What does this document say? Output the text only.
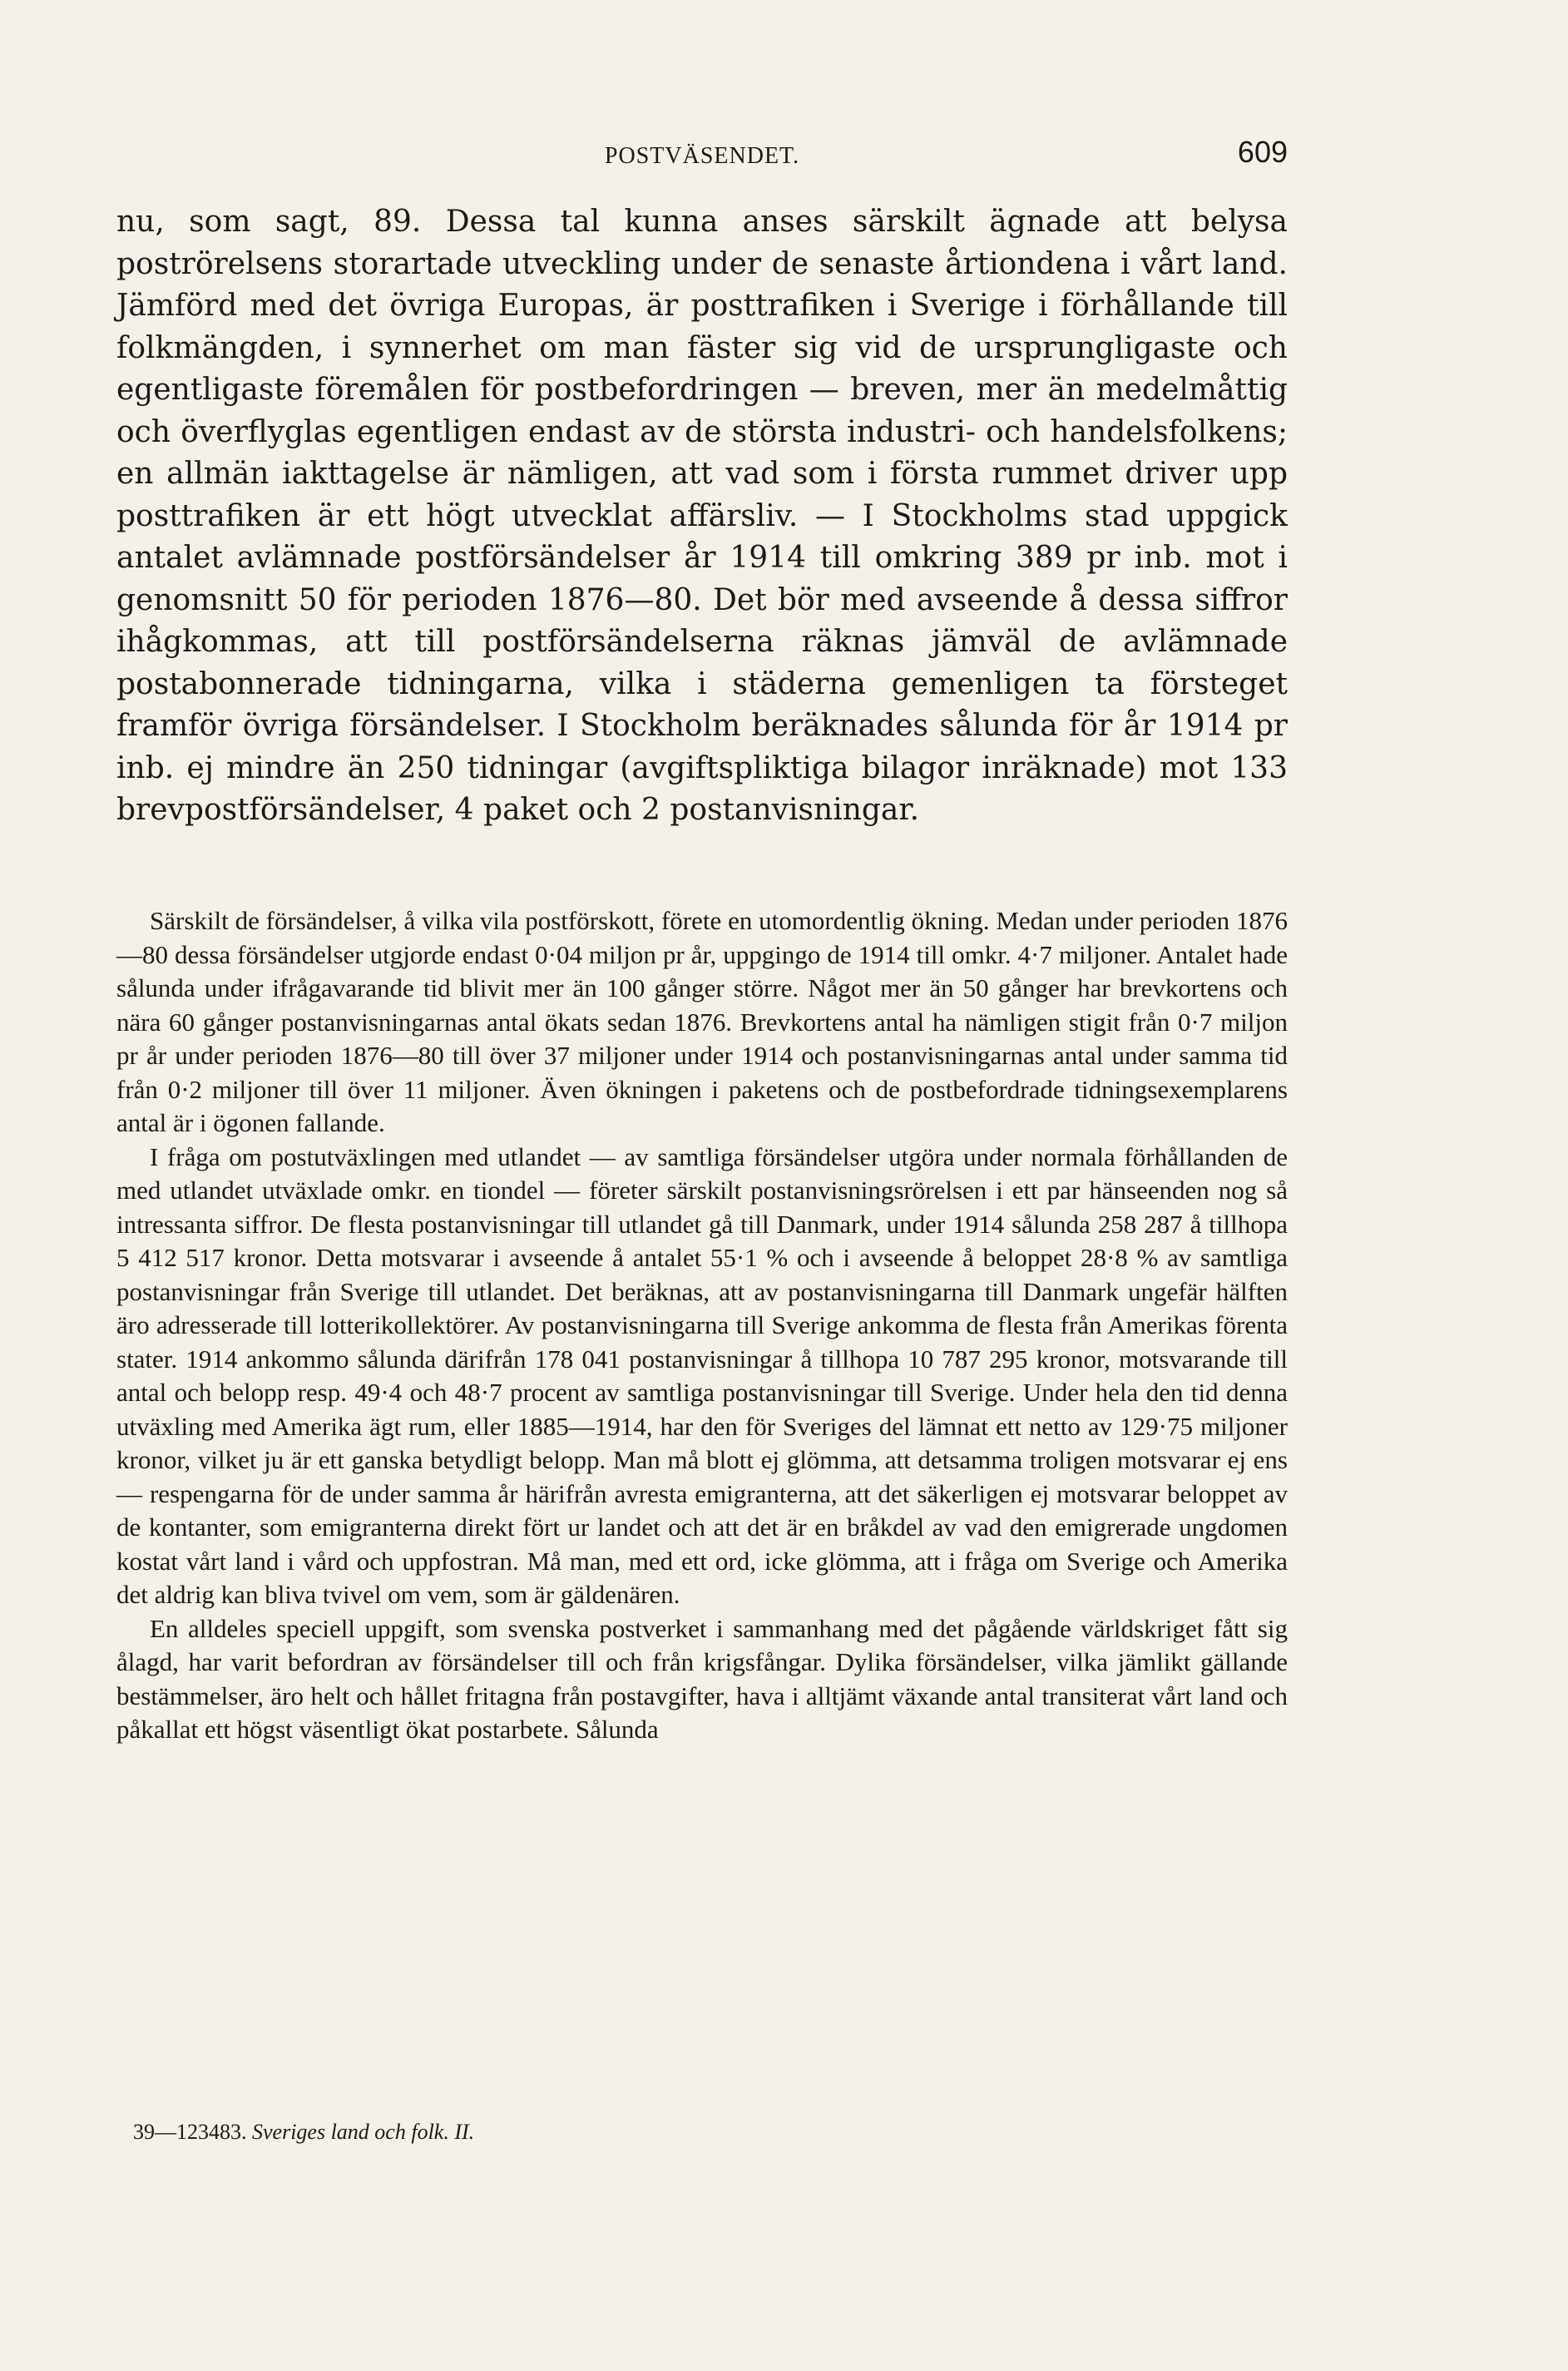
POSTVÄSENDET.	609

nu, som sagt, 89. Dessa tal kunna anses särskilt ägnade att belysa poströrelsens storartade utveckling under de senaste årtiondena i vårt land. Jämförd med det övriga Europas, är posttrafiken i Sverige i förhållande till folkmängden, i synnerhet om man fäster sig vid de ursprungligaste och egentligaste föremålen för postbefordringen — breven, mer än medelmåttig och överflyglas egentligen endast av de största industri- och handelsfolkens; en allmän iakttagelse är nämligen, att vad som i första rummet driver upp posttrafiken är ett högt utvecklat affärsliv. — I Stockholms stad uppgick antalet avlämnade postförsändelser år 1914 till omkring 389 pr inb. mot i genomsnitt 50 för perioden 1876—80. Det bör med avseende å dessa siffror ihågkommas, att till postförsändelserna räknas jämväl de avlämnade postabonnerade tidningarna, vilka i städerna gemenligen ta försteget framför övriga försändelser. I Stockholm beräknades sålunda för år 1914 pr inb. ej mindre än 250 tidningar (avgiftspliktiga bilagor inräknade) mot 133 brevpostförsändelser, 4 paket och 2 postanvisningar.

Särskilt de försändelser, å vilka vila postförskott, förete en utomordentlig ökning. Medan under perioden 1876—80 dessa försändelser utgjorde endast 0·04 miljon pr år, uppgingo de 1914 till omkr. 4·7 miljoner. Antalet hade sålunda under ifrågavarande tid blivit mer än 100 gånger större. Något mer än 50 gånger har brevkortens och nära 60 gånger postanvisningarnas antal ökats sedan 1876. Brevkortens antal ha nämligen stigit från 0·7 miljon pr år under perioden 1876—80 till över 37 miljoner under 1914 och postanvisningarnas antal under samma tid från 0·2 miljoner till över 11 miljoner. Även ökningen i paketens och de postbefordrade tidningsexemplarens antal är i ögonen fallande.

I fråga om postutväxlingen med utlandet — av samtliga försändelser utgöra under normala förhållanden de med utlandet utväxlade omkr. en tiondel — företer särskilt postanvisningsrörelsen i ett par hänseenden nog så intressanta siffror. De flesta postanvisningar till utlandet gå till Danmark, under 1914 sålunda 258 287 å tillhopa 5 412 517 kronor. Detta motsvarar i avseende å antalet 55·1 % och i avseende å beloppet 28·8 % av samtliga postanvisningar från Sverige till utlandet. Det beräknas, att av postanvisningarna till Danmark ungefär hälften äro adresserade till lotterikollektörer. Av postanvisningarna till Sverige ankomma de flesta från Amerikas förenta stater. 1914 ankommo sålunda därifrån 178 041 postanvisningar å tillhopa 10 787 295 kronor, motsvarande till antal och belopp resp. 49·4 och 48·7 procent av samtliga postanvisningar till Sverige. Under hela den tid denna utväxling med Amerika ägt rum, eller 1885—1914, har den för Sveriges del lämnat ett netto av 129·75 miljoner kronor, vilket ju är ett ganska betydligt belopp. Man må blott ej glömma, att detsamma troligen motsvarar ej ens — respengarna för de under samma år härifrån avresta emigranterna, att det säkerligen ej motsvarar beloppet av de kontanter, som emigranterna direkt fört ur landet och att det är en bråkdel av vad den emigrerade ungdomen kostat vårt land i vård och uppfostran. Må man, med ett ord, icke glömma, att i fråga om Sverige och Amerika det aldrig kan bliva tvivel om vem, som är gäldenären.

En alldeles speciell uppgift, som svenska postverket i sammanhang med det pågående världskriget fått sig ålagd, har varit befordran av försändelser till och från krigsfångar. Dylika försändelser, vilka jämlikt gällande bestämmelser, äro helt och hållet fritagna från postavgifter, hava i alltjämt växande antal transiterat vårt land och påkallat ett högst väsentligt ökat postarbete. Sålunda

39—123483. Sveriges land och folk. II.
